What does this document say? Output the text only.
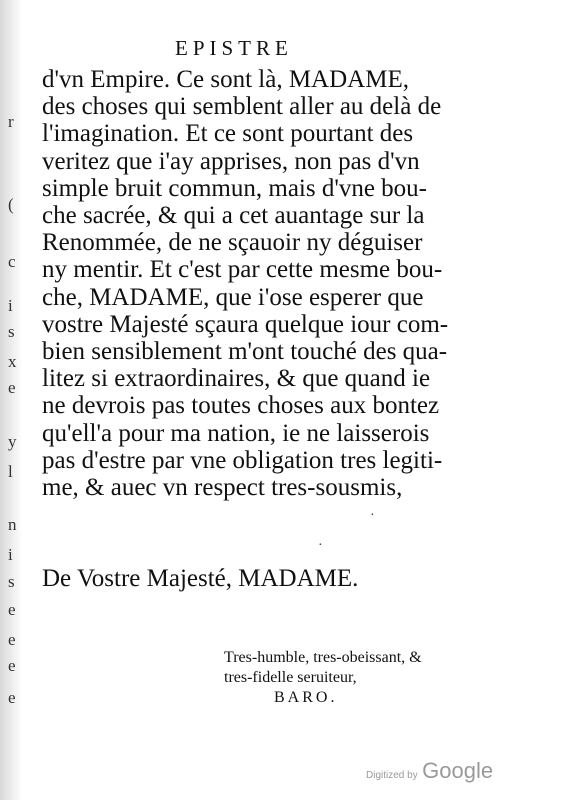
r
(
c
i
s
x
e
y
l
n
i
s
e
e
e
e
EPISTRE
d'vn Empire. Ce sont là, MADAME,
des choses qui semblent aller au delà de
l'imagination. Et ce sont pourtant des
veritez que i'ay apprises, non pas d'vn
simple bruit commun, mais d'vne bou-
che sacrée, & qui a cet auantage sur la
Renommée, de ne sçauoir ny déguiser
ny mentir. Et c'est par cette mesme bou-
che, MADAME, que i'ose esperer que
vostre Majesté sçaura quelque iour com-
bien sensiblement m'ont touché des qua-
litez si extraordinaires, & que quand ie
ne devrois pas toutes choses aux bontez
qu'ell'a pour ma nation, ie ne laisserois
pas d'estre par vne obligation tres legiti-
me, & auec vn respect tres-sousmis,
·
·
De Vostre Majesté, MADAME.
Tres-humble, tres-obeissant, &
tres-fidelle seruiteur,
BARO.
Digitized by Google
